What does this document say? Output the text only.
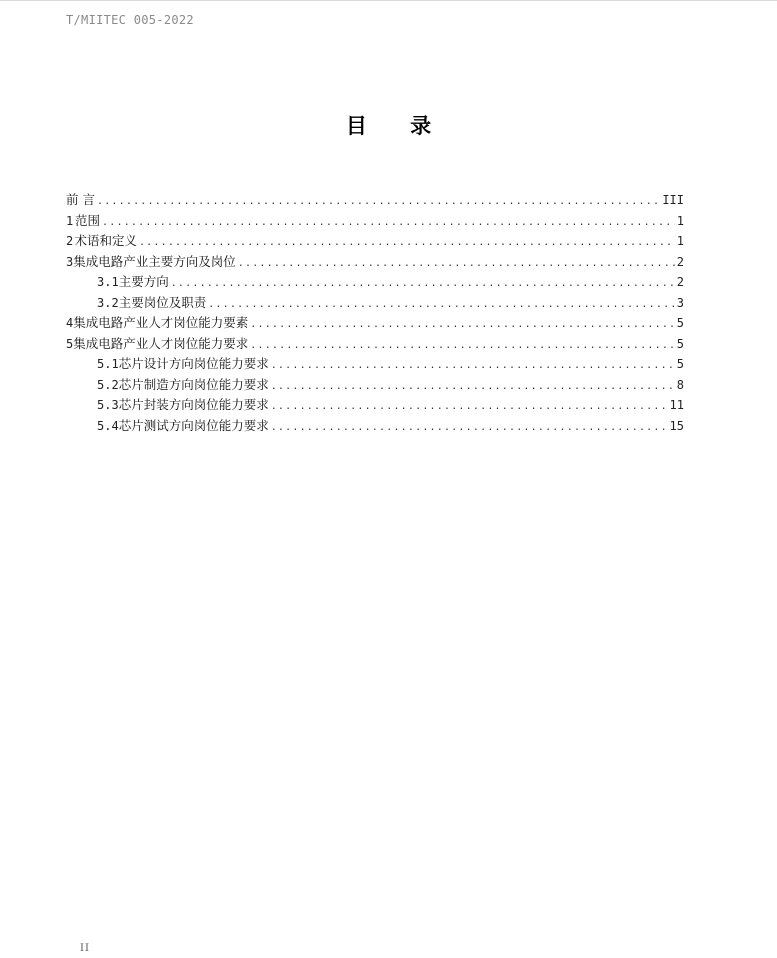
T/MIITEC 005-2022
目 录
前 言 .....	III
1 范围 .....	1
2 术语和定义 .....	1
3 集成电路产业主要方向及岗位 .....	2
3.1 主要方向 .....	2
3.2 主要岗位及职责 .....	3
4 集成电路产业人才岗位能力要素 .....	5
5 集成电路产业人才岗位能力要求 .....	5
5.1 芯片设计方向岗位能力要求 .....	5
5.2 芯片制造方向岗位能力要求 .....	8
5.3 芯片封装方向岗位能力要求 .....	11
5.4 芯片测试方向岗位能力要求 .....	15
II
